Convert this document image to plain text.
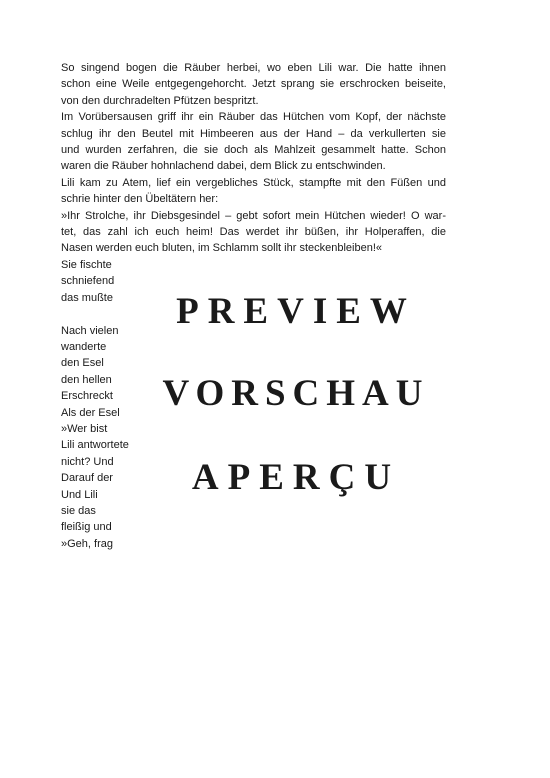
So singend bogen die Räuber herbei, wo eben Lili war. Die hatte ihnen
schon eine Weile entgegengehorcht. Jetzt sprang sie erschrocken beiseite,
von den durchradelten Pfützen bespritzt.
Im Vorübersausen griff ihr ein Räuber das Hütchen vom Kopf, der nächste
schlug ihr den Beutel mit Himbeeren aus der Hand – da verkullerten sie
und wurden zerfahren, die sie doch als Mahlzeit gesammelt hatte. Schon
waren die Räuber hohnlachend dabei, dem Blick zu entschwinden.
Lili kam zu Atem, lief ein vergebliches Stück, stampfte mit den Füßen und
schrie hinter den Übeltätern her:
»Ihr Strolche, ihr Diebsgesindel – gebt sofort mein Hütchen wieder! O war-
tet, das zahl ich euch heim! Das werdet ihr büßen, ihr Holperaffen, die
Nasen werden euch bluten, im Schlamm sollt ihr steckenbleiben!«
Sie fischte
schniefend
das mußte
Nach vielen
wanderte
den Esel
den hellen
Erschreckt
Als der Esel
»Wer bist
Lili antwortete
nicht? Und
Darauf der
Und Lili
sie das
fleißig und
»Geh, frag
PREVIEW
VORSCHAU
APERÇU
